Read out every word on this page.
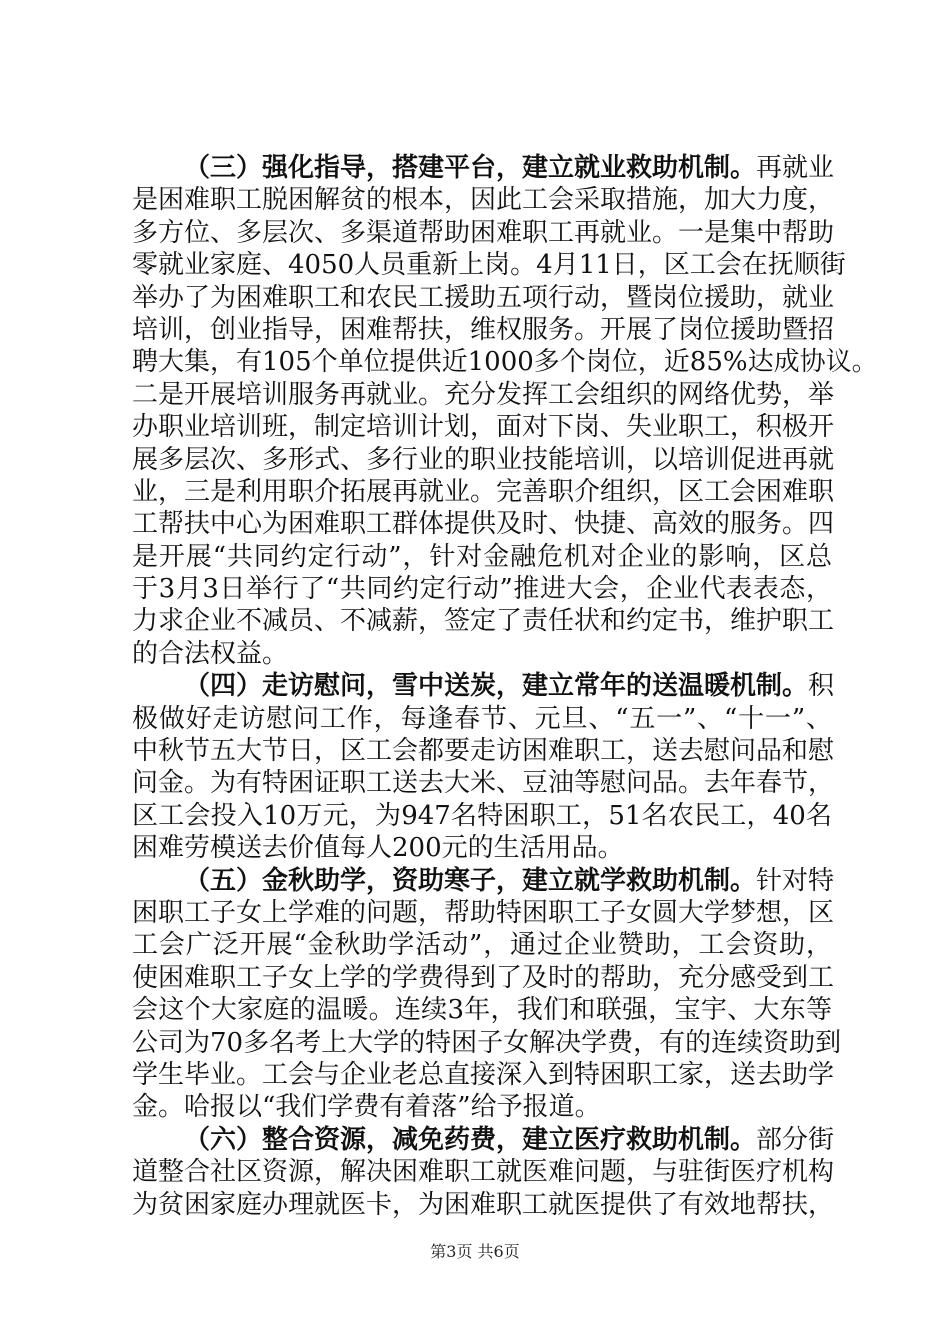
（三）强化指导，搭建平台，建立就业救助机制。再就业
是困难职工脱困解贫的根本，因此工会采取措施，加大力度，
多方位、多层次、多渠道帮助困难职工再就业。一是集中帮助
零就业家庭、4050人员重新上岗。4月11日，区工会在抚顺街
举办了为困难职工和农民工援助五项行动，暨岗位援助，就业
培训，创业指导，困难帮扶，维权服务。开展了岗位援助暨招
聘大集，有105个单位提供近1000多个岗位，近85%达成协议。
二是开展培训服务再就业。充分发挥工会组织的网络优势，举
办职业培训班，制定培训计划，面对下岗、失业职工，积极开
展多层次、多形式、多行业的职业技能培训，以培训促进再就
业，三是利用职介拓展再就业。完善职介组织，区工会困难职
工帮扶中心为困难职工群体提供及时、快捷、高效的服务。四
是开展“共同约定行动”，针对金融危机对企业的影响，区总
于3月3日举行了“共同约定行动”推进大会，企业代表表态，
力求企业不减员、不减薪，签定了责任状和约定书，维护职工
的合法权益。
（四）走访慰问，雪中送炭，建立常年的送温暖机制。积
极做好走访慰问工作，每逢春节、元旦、“五一”、“十一”、
中秋节五大节日，区工会都要走访困难职工，送去慰问品和慰
问金。为有特困证职工送去大米、豆油等慰问品。去年春节，
区工会投入10万元，为947名特困职工，51名农民工，40名
困难劳模送去价值每人200元的生活用品。
（五）金秋助学，资助寒子，建立就学救助机制。针对特
困职工子女上学难的问题，帮助特困职工子女圆大学梦想，区
工会广泛开展“金秋助学活动”，通过企业赞助，工会资助，
使困难职工子女上学的学费得到了及时的帮助，充分感受到工
会这个大家庭的温暖。连续3年，我们和联强，宝宇、大东等
公司为70多名考上大学的特困子女解决学费，有的连续资助到
学生毕业。工会与企业老总直接深入到特困职工家，送去助学
金。哈报以“我们学费有着落”给予报道。
（六）整合资源，减免药费，建立医疗救助机制。部分街
道整合社区资源，解决困难职工就医难问题，与驻街医疗机构
为贫困家庭办理就医卡，为困难职工就医提供了有效地帮扶，
第3页 共6页
